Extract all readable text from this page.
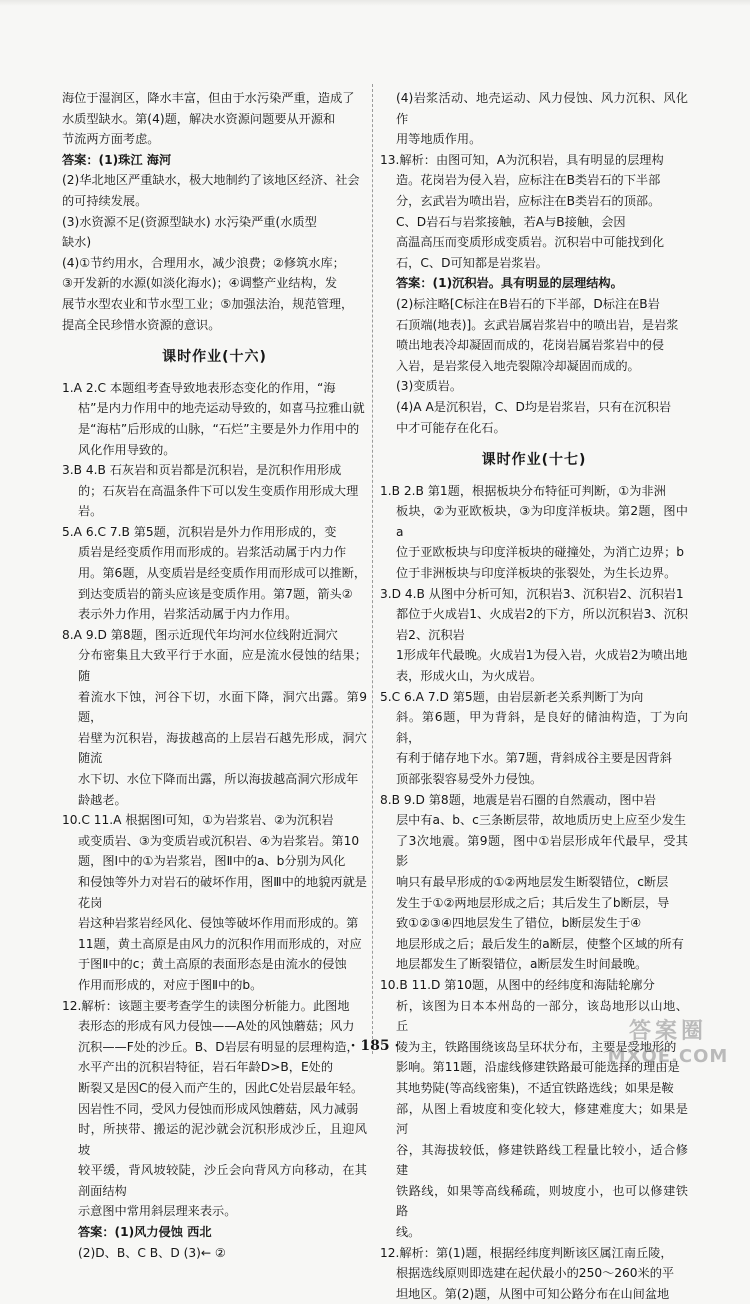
海位于湿润区，降水丰富，但由于水污染严重，造成了

水质型缺水。第(4)题，解决水资源问题要从开源和

节流两方面考虑。

答案：(1)珠江 海河

(2)华北地区严重缺水，极大地制约了该地区经济、社会

的可持续发展。

(3)水资源不足(资源型缺水) 水污染严重(水质型

缺水)

(4)①节约用水，合理用水，减少浪费；②修筑水库；

③开发新的水源(如淡化海水)；④调整产业结构，发

展节水型农业和节水型工业；⑤加强法治，规范管理，

提高全民珍惜水资源的意识。

课时作业(十六)

1.A 2.C 本题组考查导致地表形态变化的作用，“海

枯”是内力作用中的地壳运动导致的，如喜马拉雅山就

是“海枯”后形成的山脉，“石烂”主要是外力作用中的

风化作用导致的。

3.B 4.B 石灰岩和页岩都是沉积岩，是沉积作用形成

的；石灰岩在高温条件下可以发生变质作用形成大理

岩。

5.A 6.C 7.B 第5题，沉积岩是外力作用形成的，变

质岩是经变质作用而形成的。岩浆活动属于内力作

用。第6题，从变质岩是经变质作用而形成可以推断，

到达变质岩的箭头应该是变质作用。第7题，箭头②

表示外力作用，岩浆活动属于内力作用。

8.A 9.D 第8题，图示近现代年均河水位线附近洞穴

分布密集且大致平行于水面，应是流水侵蚀的结果；随

着流水下蚀，河谷下切，水面下降，洞穴出露。第9题，

岩壁为沉积岩，海拔越高的上层岩石越先形成，洞穴随流

水下切、水位下降而出露，所以海拔越高洞穴形成年

龄越老。

10.C 11.A 根据图Ⅰ可知，①为岩浆岩、②为沉积岩

或变质岩、③为变质岩或沉积岩、④为岩浆岩。第10

题，图Ⅰ中的①为岩浆岩，图Ⅱ中的a、b分别为风化

和侵蚀等外力对岩石的破坏作用，图Ⅲ中的地貌丙就是花岗

岩这种岩浆岩经风化、侵蚀等破坏作用而形成的。第

11题，黄土高原是由风力的沉积作用而形成的，对应

于图Ⅱ中的c；黄土高原的表面形态是由流水的侵蚀

作用而形成的，对应于图Ⅱ中的b。

12.解析：该题主要考查学生的读图分析能力。此图地

表形态的形成有风力侵蚀——A处的风蚀蘑菇；风力

沉积——F处的沙丘。B、D岩层有明显的层理构造，

水平产出的沉积岩特征，岩石年龄D>B，E处的

断裂又是因C的侵入而产生的，因此C处岩层最年轻。

因岩性不同，受风力侵蚀而形成风蚀蘑菇，风力减弱

时，所挟带、搬运的泥沙就会沉积形成沙丘，且迎风坡

较平缓，背风坡较陡，沙丘会向背风方向移动，在其剖面结构

示意图中常用斜层理来表示。

答案：(1)风力侵蚀 西北

(2)D、B、C B、D (3)← ②

(4)岩浆活动、地壳运动、风力侵蚀、风力沉积、风化作

用等地质作用。

13.解析：由图可知，A为沉积岩，具有明显的层理构

造。花岗岩为侵入岩，应标注在B类岩石的下半部

分，玄武岩为喷出岩，应标注在B类岩石的顶部。

C、D岩石与岩浆接触，若A与B接触，会因

高温高压而变质形成变质岩。沉积岩中可能找到化

石，C、D可知都是岩浆岩。

答案：(1)沉积岩。具有明显的层理结构。

(2)标注略[C标注在B岩石的下半部，D标注在B岩

石顶端(地表)]。玄武岩属岩浆岩中的喷出岩，是岩浆

喷出地表冷却凝固而成的，花岗岩属岩浆岩中的侵

入岩，是岩浆侵入地壳裂隙冷却凝固而成的。

(3)变质岩。

(4)A A是沉积岩，C、D均是岩浆岩，只有在沉积岩

中才可能存在化石。

课时作业(十七)

1.B 2.B 第1题，根据板块分布特征可判断，①为非洲

板块，②为亚欧板块，③为印度洋板块。第2题，图中a

位于亚欧板块与印度洋板块的碰撞处，为消亡边界；b

位于非洲板块与印度洋板块的张裂处，为生长边界。

3.D 4.B 从图中分析可知，沉积岩3、沉积岩2、沉积岩1

都位于火成岩1、火成岩2的下方，所以沉积岩3、沉积岩2、沉积岩

1形成年代最晚。火成岩1为侵入岩，火成岩2为喷出地

表，形成火山，为火成岩。

5.C 6.A 7.D 第5题，由岩层新老关系判断丁为向

斜。第6题，甲为背斜，是良好的储油构造，丁为向斜，

有利于储存地下水。第7题，背斜成谷主要是因背斜

顶部张裂容易受外力侵蚀。

8.B 9.D 第8题，地震是岩石圈的自然震动，图中岩

层中有a、b、c三条断层带，故地质历史上应至少发生

了3次地震。第9题，图中①岩层形成年代最早，受其影

响只有最早形成的①②两地层发生断裂错位，c断层

发生于①②两地层形成之后；其后发生了b断层，导

致①②③④四地层发生了错位，b断层发生于④

地层形成之后；最后发生的a断层，使整个区域的所有

地层都发生了断裂错位，a断层发生时间最晚。

10.B 11.D 第10题，从图中的经纬度和海陆轮廓分

析，该图为日本本州岛的一部分，该岛地形以山地、丘

陵为主，铁路围绕该岛呈环状分布，主要是受地形的

影响。第11题，沿虚线修建铁路最可能选择的理由是

其地势陡(等高线密集)，不适宜铁路选线；如果是鞍

部，从图上看坡度和变化较大，修建难度大；如果是河

谷，其海拔较低，修建铁路线工程量比较小，适合修建

铁路线，如果等高线稀疏，则坡度小，也可以修建铁路

线。

12.解析：第(1)题，根据经纬度判断该区属江南丘陵，

根据选线原则即选建在起伏最小的250～260米的平

坦地区。第(2)题，从图中可知公路分布在山间盆地

· 185 ·
答案圈
MXQE.COM
